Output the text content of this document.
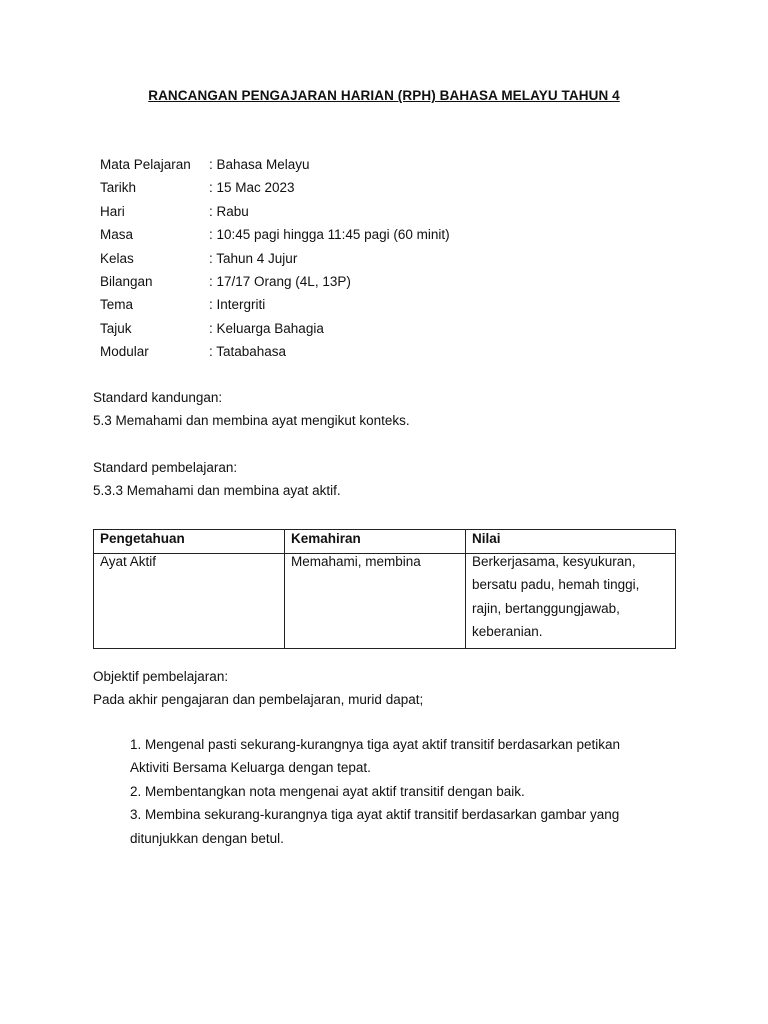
RANCANGAN PENGAJARAN HARIAN (RPH) BAHASA MELAYU TAHUN 4
Mata Pelajaran : Bahasa Melayu
Tarikh	: 15 Mac 2023
Hari	: Rabu
Masa	: 10:45 pagi hingga 11:45 pagi (60 minit)
Kelas	: Tahun 4 Jujur
Bilangan	: 17/17 Orang (4L, 13P)
Tema	: Intergriti
Tajuk	: Keluarga Bahagia
Modular	: Tatabahasa
Standard kandungan:
5.3 Memahami dan membina ayat mengikut konteks.
Standard pembelajaran:
5.3.3 Memahami dan membina ayat aktif.
Pengetahuan	Kemahiran	Nilai

Ayat Aktif	Memahami, membina	Berkerjasama, kesyukuran,
bersatu padu, hemah tinggi,
rajin, bertanggungjawab,
keberanian.
Objektif pembelajaran:
Pada akhir pengajaran dan pembelajaran, murid dapat;
1. Mengenal pasti sekurang-kurangnya tiga ayat aktif transitif berdasarkan petikan
Aktiviti Bersama Keluarga dengan tepat.
2. Membentangkan nota mengenai ayat aktif transitif dengan baik.
3. Membina sekurang-kurangnya tiga ayat aktif transitif berdasarkan gambar yang
ditunjukkan dengan betul.
